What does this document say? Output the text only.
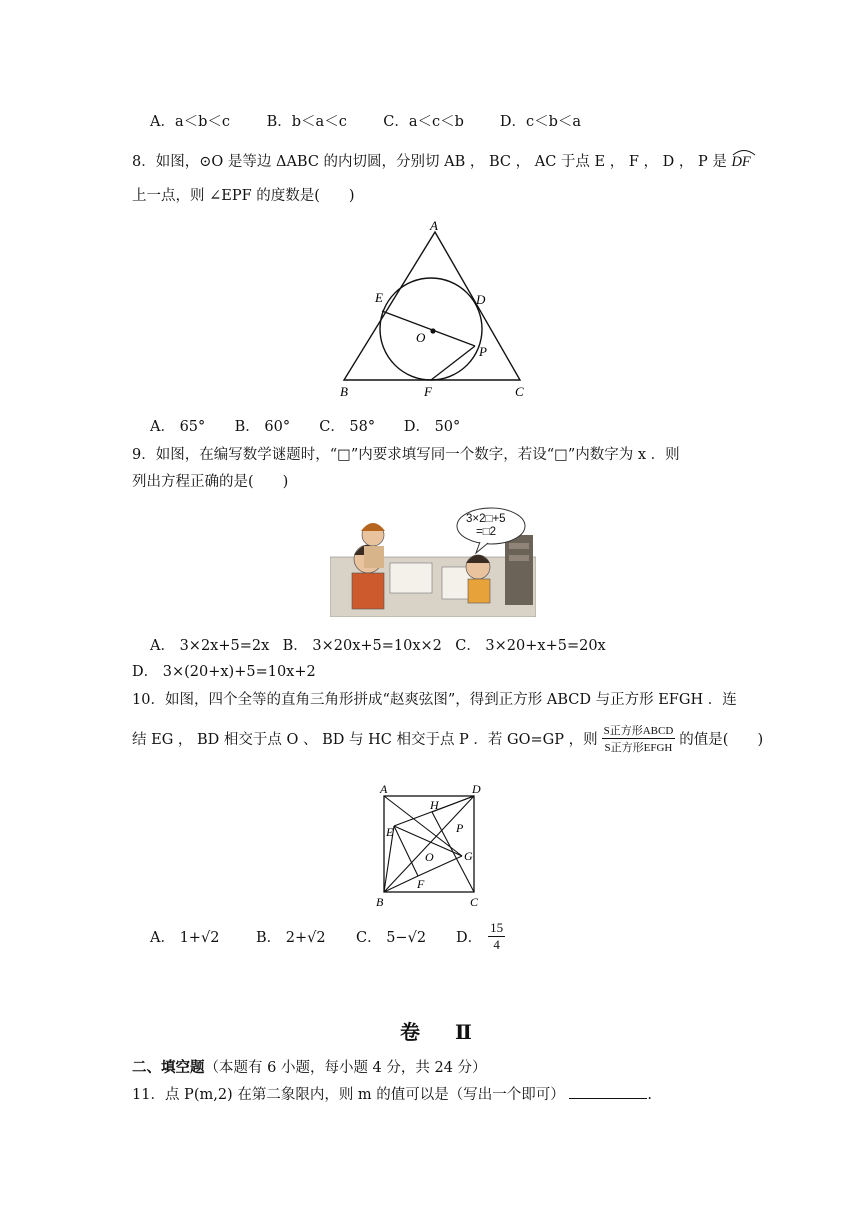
A．a＜b＜c	B．b＜a＜c	C．a＜c＜b D．c＜b＜a
8．如图，⊙O 是等边 ΔABC 的内切圆，分别切 AB ， BC ， AC 于点 E ， F ， D ， P 是 DF
上一点，则 ∠EPF 的度数是(　　)
A
E	D
O
P
B	F	C
A． 65° B． 60° C． 58° D． 50°
9．如图，在编写数学谜题时，“□”内要求填写同一个数字，若设“□”内数字为 x ．则
列出方程正确的是(　　)
3×2□+5
=□2
A． 3×2x+5=2x B． 3×20x+5=10x×2 C． 3×20+x+5=20x
D． 3×(20+x)+5=10x+2
10．如图，四个全等的直角三角形拼成“赵爽弦图”，得到正方形 ABCD 与正方形 EFGH ．连
结 EG ， BD 相交于点 O 、 BD 与 HC 相交于点 P ．若 GO=GP ，则 $\frac{\text{S正方形ABCD}}{\text{S正方形EFGH}}$ 的值是(　　)
A	D
H
E	P
O	G
F
B	C
A． 1+√2	B． 2+√2	C． 5−√2	D． $\frac{15}{4}$
卷 Ⅱ
二、填空题（本题有 6 小题，每小题 4 分，共 24 分）
11．点 P(m,2) 在第二象限内，则 m 的值可以是（写出一个即可）	.
